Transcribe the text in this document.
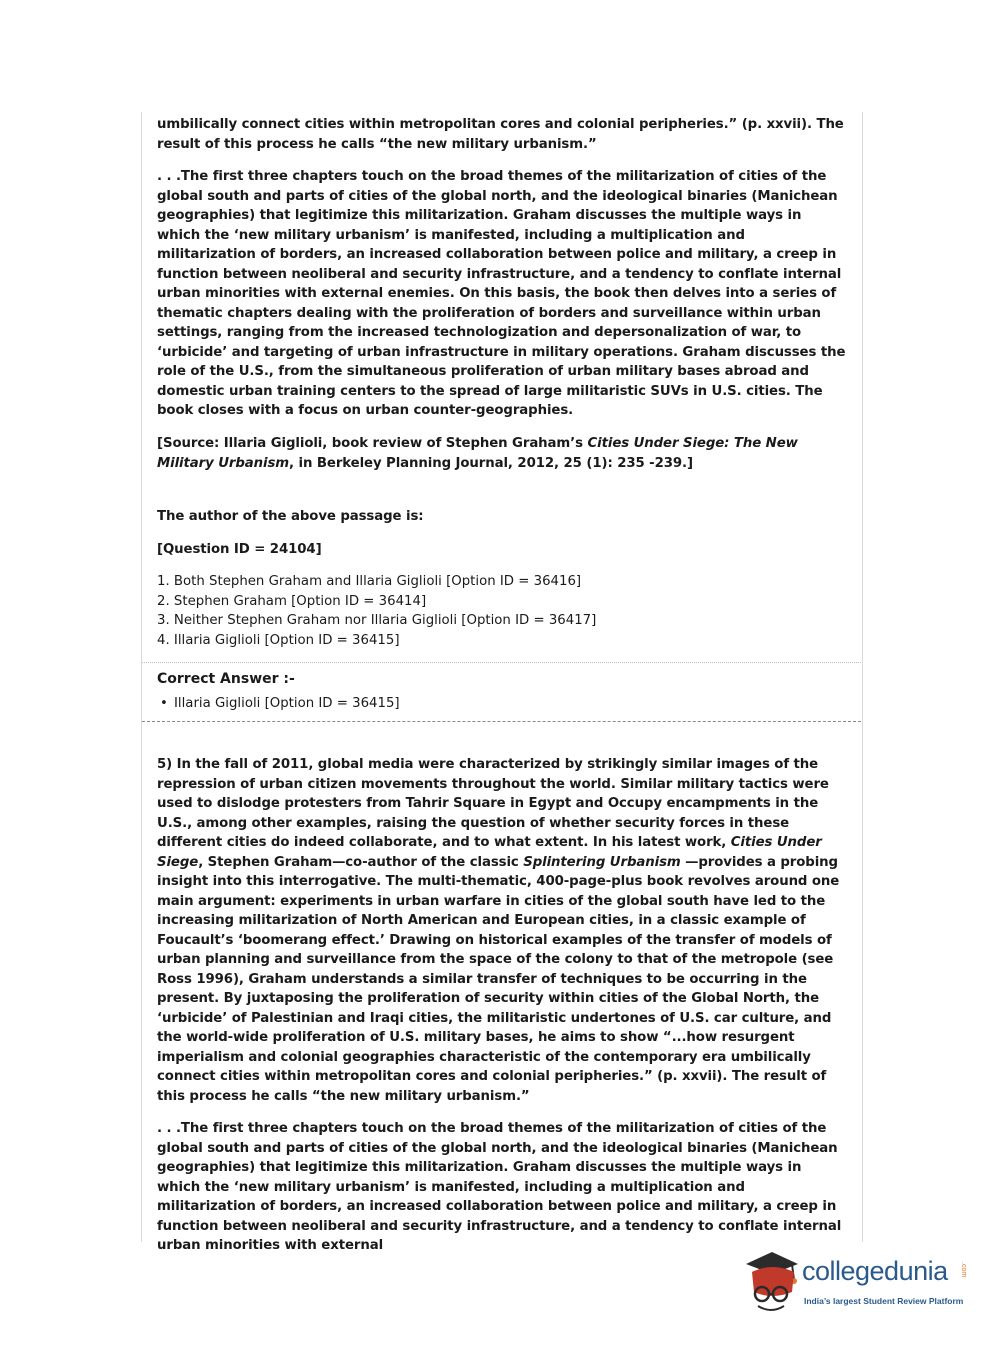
umbilically connect cities within metropolitan cores and colonial peripheries.” (p. xxvii). The result of this process he calls “the new military urbanism.”

. . .The first three chapters touch on the broad themes of the militarization of cities of the global south and parts of cities of the global north, and the ideological binaries (Manichean geographies) that legitimize this militarization. Graham discusses the multiple ways in which the ‘new military urbanism’ is manifested, including a multiplication and militarization of borders, an increased collaboration between police and military, a creep in function between neoliberal and security infrastructure, and a tendency to conflate internal urban minorities with external enemies. On this basis, the book then delves into a series of thematic chapters dealing with the proliferation of borders and surveillance within urban settings, ranging from the increased technologization and depersonalization of war, to ‘urbicide’ and targeting of urban infrastructure in military operations. Graham discusses the role of the U.S., from the simultaneous proliferation of urban military bases abroad and domestic urban training centers to the spread of large militaristic SUVs in U.S. cities. The book closes with a focus on urban counter-geographies.

[Source: Illaria Giglioli, book review of Stephen Graham’s Cities Under Siege: The New Military Urbanism, in Berkeley Planning Journal, 2012, 25 (1): 235 -239.]

The author of the above passage is:

[Question ID = 24104]

1. Both Stephen Graham and Illaria Giglioli [Option ID = 36416]
2. Stephen Graham [Option ID = 36414]
3. Neither Stephen Graham nor Illaria Giglioli [Option ID = 36417]
4. Illaria Giglioli [Option ID = 36415]
Correct Answer :-
• Illaria Giglioli [Option ID = 36415]

5) In the fall of 2011, global media were characterized by strikingly similar images of the repression of urban citizen movements throughout the world. Similar military tactics were used to dislodge protesters from Tahrir Square in Egypt and Occupy encampments in the U.S., among other examples, raising the question of whether security forces in these different cities do indeed collaborate, and to what extent. In his latest work, Cities Under Siege, Stephen Graham—co-author of the classic Splintering Urbanism —provides a probing insight into this interrogative. The multi-thematic, 400-page-plus book revolves around one main argument: experiments in urban warfare in cities of the global south have led to the increasing militarization of North American and European cities, in a classic example of Foucault’s ‘boomerang effect.’ Drawing on historical examples of the transfer of models of urban planning and surveillance from the space of the colony to that of the metropole (see Ross 1996), Graham understands a similar transfer of techniques to be occurring in the present. By juxtaposing the proliferation of security within cities of the Global North, the ‘urbicide’ of Palestinian and Iraqi cities, the militaristic undertones of U.S. car culture, and the world-wide proliferation of U.S. military bases, he aims to show “...how resurgent imperialism and colonial geographies characteristic of the contemporary era umbilically connect cities within metropolitan cores and colonial peripheries.” (p. xxvii). The result of this process he calls “the new military urbanism.”

. . .The first three chapters touch on the broad themes of the militarization of cities of the global south and parts of cities of the global north, and the ideological binaries (Manichean geographies) that legitimize this militarization. Graham discusses the multiple ways in which the ‘new military urbanism’ is manifested, including a multiplication and militarization of borders, an increased collaboration between police and military, a creep in function between neoliberal and security infrastructure, and a tendency to conflate internal urban minorities with external

collegedunia .com
India’s largest Student Review Platform
